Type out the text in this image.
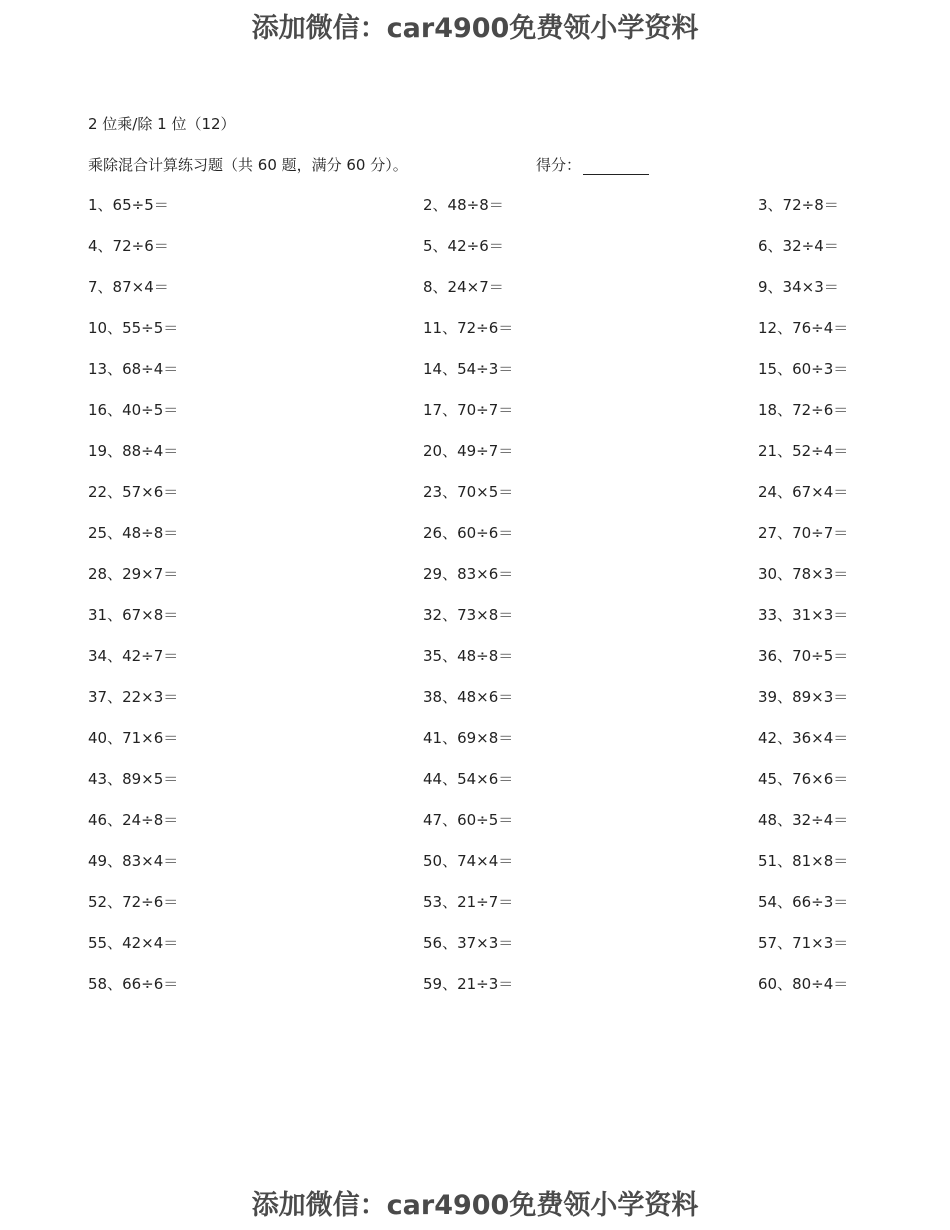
添加微信：car4900免费领小学资料

2 位乘/除 1 位（12）
乘除混合计算练习题（共 60 题，满分 60 分）。	得分：
1、65÷5＝	2、48÷8＝	3、72÷8＝
4、72÷6＝	5、42÷6＝	6、32÷4＝
7、87×4＝	8、24×7＝	9、34×3＝
10、55÷5＝	11、72÷6＝	12、76÷4＝
13、68÷4＝	14、54÷3＝	15、60÷3＝
16、40÷5＝	17、70÷7＝	18、72÷6＝
19、88÷4＝	20、49÷7＝	21、52÷4＝
22、57×6＝	23、70×5＝	24、67×4＝
25、48÷8＝	26、60÷6＝	27、70÷7＝
28、29×7＝	29、83×6＝	30、78×3＝
31、67×8＝	32、73×8＝	33、31×3＝
34、42÷7＝	35、48÷8＝	36、70÷5＝
37、22×3＝	38、48×6＝	39、89×3＝
40、71×6＝	41、69×8＝	42、36×4＝
43、89×5＝	44、54×6＝	45、76×6＝
46、24÷8＝	47、60÷5＝	48、32÷4＝
49、83×4＝	50、74×4＝	51、81×8＝
52、72÷6＝	53、21÷7＝	54、66÷3＝
55、42×4＝	56、37×3＝	57、71×3＝
58、66÷6＝	59、21÷3＝	60、80÷4＝

添加微信：car4900免费领小学资料
